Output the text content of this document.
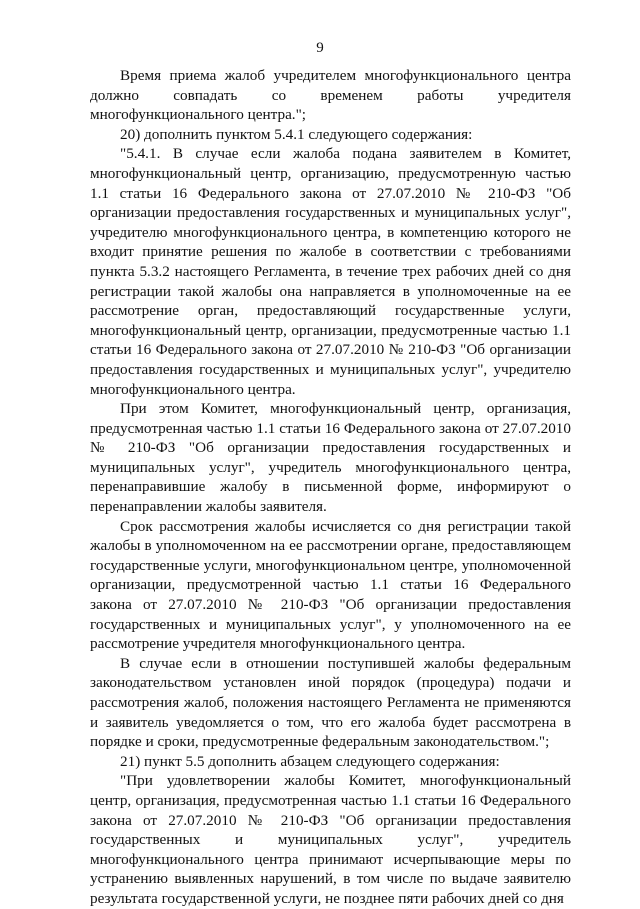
9

Время приема жалоб учредителем многофункционального центра должно совпадать со временем работы учредителя многофункционального центра.";

20) дополнить пунктом 5.4.1 следующего содержания:

"5.4.1. В случае если жалоба подана заявителем в Комитет, многофункциональный центр, организацию, предусмотренную частью 1.1 статьи 16 Федерального закона от 27.07.2010 № 210-ФЗ "Об организации предоставления государственных и муниципальных услуг", учредителю многофункционального центра, в компетенцию которого не входит принятие решения по жалобе в соответствии с требованиями пункта 5.3.2 настоящего Регламента, в течение трех рабочих дней со дня регистрации такой жалобы она направляется в уполномоченные на ее рассмотрение орган, предоставляющий государственные услуги, многофункциональный центр, организации, предусмотренные частью 1.1 статьи 16 Федерального закона от 27.07.2010 № 210-ФЗ "Об организации предоставления государственных и муниципальных услуг", учредителю многофункционального центра.

При этом Комитет, многофункциональный центр, организация, предусмотренная частью 1.1 статьи 16 Федерального закона от 27.07.2010 № 210-ФЗ "Об организации предоставления государственных и муниципальных услуг", учредитель многофункционального центра, перенаправившие жалобу в письменной форме, информируют о перенаправлении жалобы заявителя.

Срок рассмотрения жалобы исчисляется со дня регистрации такой жалобы в уполномоченном на ее рассмотрении органе, предоставляющем государственные услуги, многофункциональном центре, уполномоченной организации, предусмотренной частью 1.1 статьи 16 Федерального закона от 27.07.2010 № 210-ФЗ "Об организации предоставления государственных и муниципальных услуг", у уполномоченного на ее рассмотрение учредителя многофункционального центра.

В случае если в отношении поступившей жалобы федеральным законодательством установлен иной порядок (процедура) подачи и рассмотрения жалоб, положения настоящего Регламента не применяются и заявитель уведомляется о том, что его жалоба будет рассмотрена в порядке и сроки, предусмотренные федеральным законодательством.";

21) пункт 5.5 дополнить абзацем следующего содержания:

"При удовлетворении жалобы Комитет, многофункциональный центр, организация, предусмотренная частью 1.1 статьи 16 Федерального закона от 27.07.2010 № 210-ФЗ "Об организации предоставления государственных и муниципальных услуг", учредитель многофункционального центра принимают исчерпывающие меры по устранению выявленных нарушений, в том числе по выдаче заявителю результата государственной услуги, не позднее пяти рабочих дней со дня
